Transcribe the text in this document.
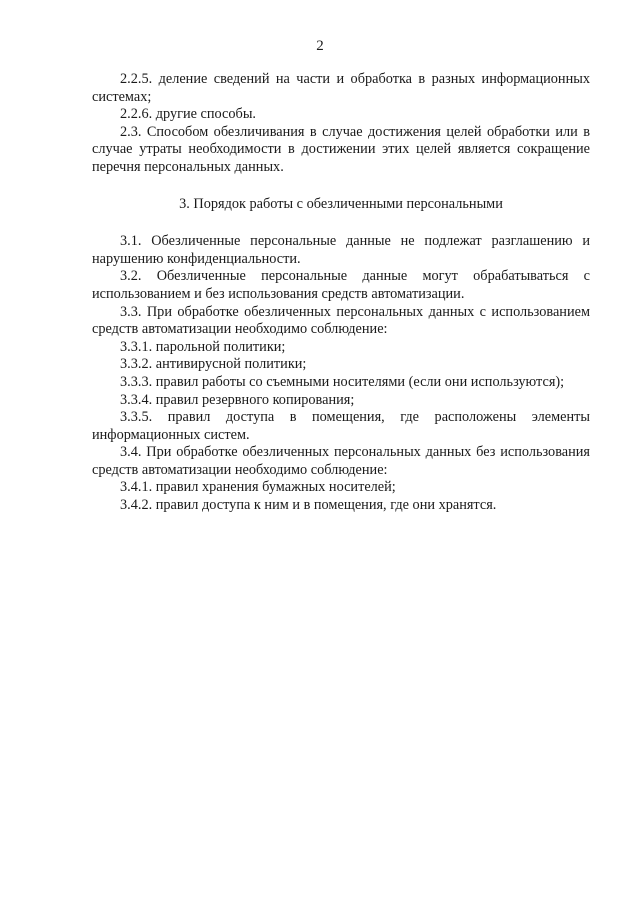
2

2.2.5. деление сведений на части и обработка в разных информационных системах;

2.2.6. другие способы.

2.3. Способом обезличивания в случае достижения целей обработки или в случае утраты необходимости в достижении этих целей является сокращение перечня персональных данных.

3. Порядок работы с обезличенными персональными

3.1. Обезличенные персональные данные не подлежат разглашению и нарушению конфиденциальности.

3.2. Обезличенные персональные данные могут обрабатываться с использованием и без использования средств автоматизации.

3.3. При обработке обезличенных персональных данных с использованием средств автоматизации необходимо соблюдение:

3.3.1. парольной политики;

3.3.2. антивирусной политики;

3.3.3. правил работы со съемными носителями (если они используются);

3.3.4. правил резервного копирования;

3.3.5. правил доступа в помещения, где расположены элементы информационных систем.

3.4. При обработке обезличенных персональных данных без использования средств автоматизации необходимо соблюдение:

3.4.1. правил хранения бумажных носителей;

3.4.2. правил доступа к ним и в помещения, где они хранятся.
